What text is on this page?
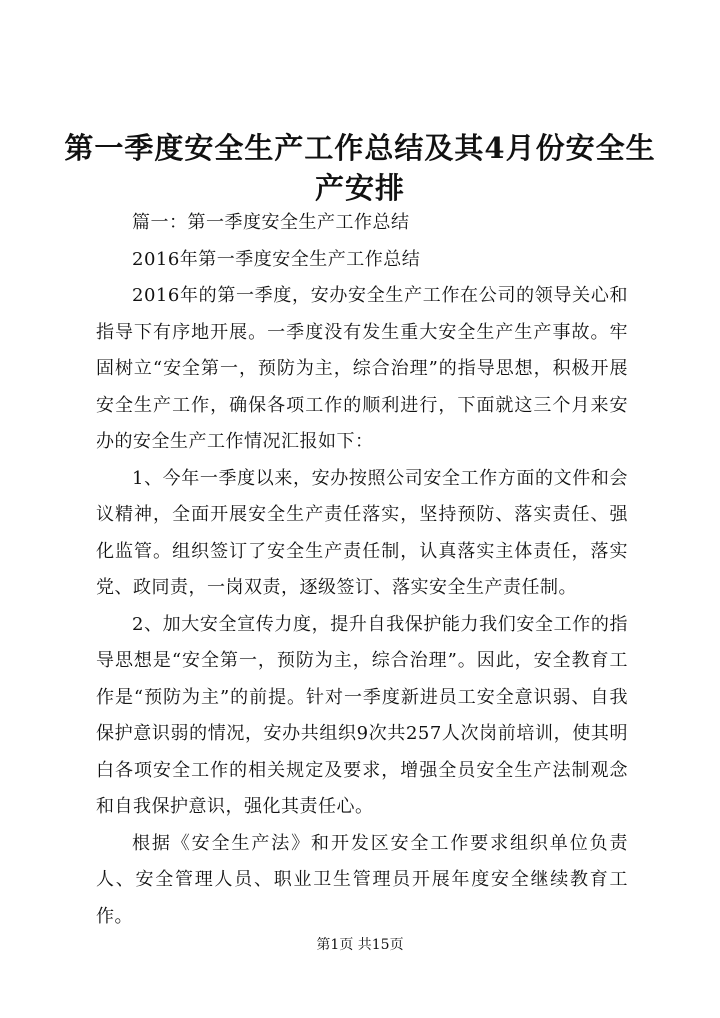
第一季度安全生产工作总结及其4月份安全生产安排

篇一：第一季度安全生产工作总结

2016年第一季度安全生产工作总结

2016年的第一季度，安办安全生产工作在公司的领导关心和指导下有序地开展。一季度没有发生重大安全生产生产事故。牢固树立“安全第一，预防为主，综合治理”的指导思想，积极开展安全生产工作，确保各项工作的顺利进行，下面就这三个月来安办的安全生产工作情况汇报如下：

1、今年一季度以来，安办按照公司安全工作方面的文件和会议精神，全面开展安全生产责任落实，坚持预防、落实责任、强化监管。组织签订了安全生产责任制，认真落实主体责任，落实党、政同责，一岗双责，逐级签订、落实安全生产责任制。

2、加大安全宣传力度，提升自我保护能力我们安全工作的指导思想是“安全第一，预防为主，综合治理”。因此，安全教育工作是“预防为主”的前提。针对一季度新进员工安全意识弱、自我保护意识弱的情况，安办共组织9次共257人次岗前培训，使其明白各项安全工作的相关规定及要求，增强全员安全生产法制观念和自我保护意识，强化其责任心。

根据《安全生产法》和开发区安全工作要求组织单位负责人、安全管理人员、职业卫生管理员开展年度安全继续教育工作。

第1页 共15页
